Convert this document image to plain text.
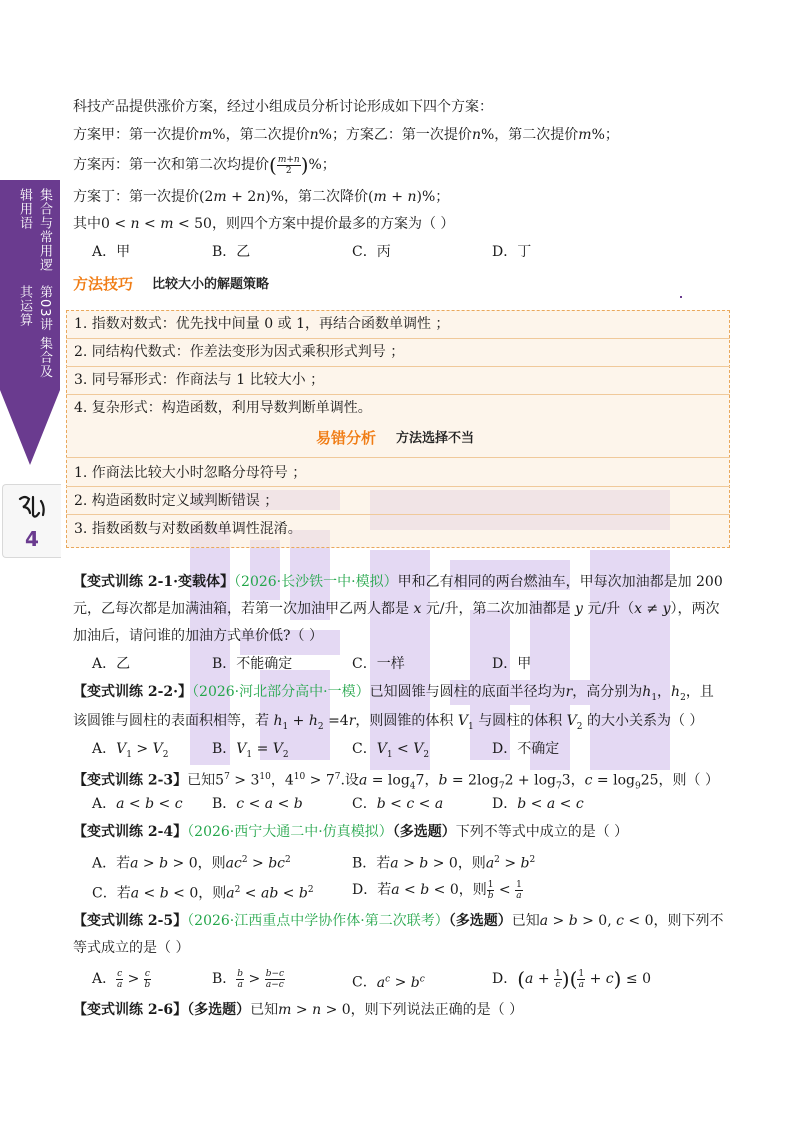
集合与常用逻辑用语
第03讲 集合及其运算
4
科技产品提供涨价方案，经过小组成员分析讨论形成如下四个方案：
方案甲：第一次提价m%，第二次提价n%；方案乙：第一次提价n%，第二次提价m%；
方案丙：第一次和第二次均提价( $\frac{m+n}{2}$ )%；
方案丁：第一次提价(2m + 2n)%，第二次降价(m + n)%；
其中0 < n < m < 50，则四个方案中提价最多的方案为（ ）
A．甲	B．乙	C．丙	D．丁
方法技巧 比较大小的解题策略
1. 指数对数式：优先找中间量 0 或 1，再结合函数单调性 ；
2. 同结构代数式：作差法变形为因式乘积形式判号 ；
3. 同号幂形式：作商法与 1 比较大小 ；
4. 复杂形式：构造函数，利用导数判断单调性。
易错分析 方法选择不当
1. 作商法比较大小时忽略分母符号 ；
2. 构造函数时定义域判断错误 ；
3. 指数函数与对数函数单调性混淆。
【变式训练 2-1·变载体】（2026·长沙铁一中·模拟）甲和乙有相同的两台燃油车，甲每次加油都是加 200
元，乙每次都是加满油箱，若第一次加油甲乙两人都是 x 元/升，第二次加油都是 y 元/升（x ≠ y），两次
加油后，请问谁的加油方式单价低?（ ）
A．乙	B．不能确定	C．一样	D．甲
【变式训练 2-2·】（2026·河北部分高中·一模）已知圆锥与圆柱的底面半径均为r，高分别为$h_1$，$h_2$，且
该圆锥与圆柱的表面积相等，若 $h_1 + h_2 =4r$，则圆锥的体积 $V_1$ 与圆柱的体积 $V_2$ 的大小关系为（ ）
A．$V_1 > V_2$	B．$V_1 = V_2$	C．$V_1 < V_2$	D．不确定
【变式训练 2-3】已知$5^7 > 3^{10}$，$4^{10} > 7^7$.设$a = \log_47$，$b = 2\log_72 + \log_73$，$c = \log_925$，则（ ）
A．a < b < c B．c < a < b	C．b < c < a	D．b < a < c
【变式训练 2-4】（2026·西宁大通二中·仿真模拟）（多选题）下列不等式中成立的是（ ）
A．若a > b > 0，则$ac^2 > bc^2$	B．若a > b > 0，则$a^2 > b^2$
C．若a < b < 0，则$a^2$ < ab < $b^2$	D．若a < b < 0，则 $\frac{1}{b} < \frac{1}{a}$
【变式训练 2-5】（2026·江西重点中学协作体·第二次联考）（多选题）已知a > b > 0, c < 0，则下列不
等式成立的是（ ）
A． $\frac{c}{a} > \frac{c}{b}$	B． $\frac{b}{a} > \frac{b-c}{a-c}$	C．$a^c > b^c$	D．($a + \frac{1}{c}$ )( $\frac{1}{a} + c) \le 0$
【变式训练 2-6】（多选题）已知m > n > 0，则下列说法正确的是（ ）
